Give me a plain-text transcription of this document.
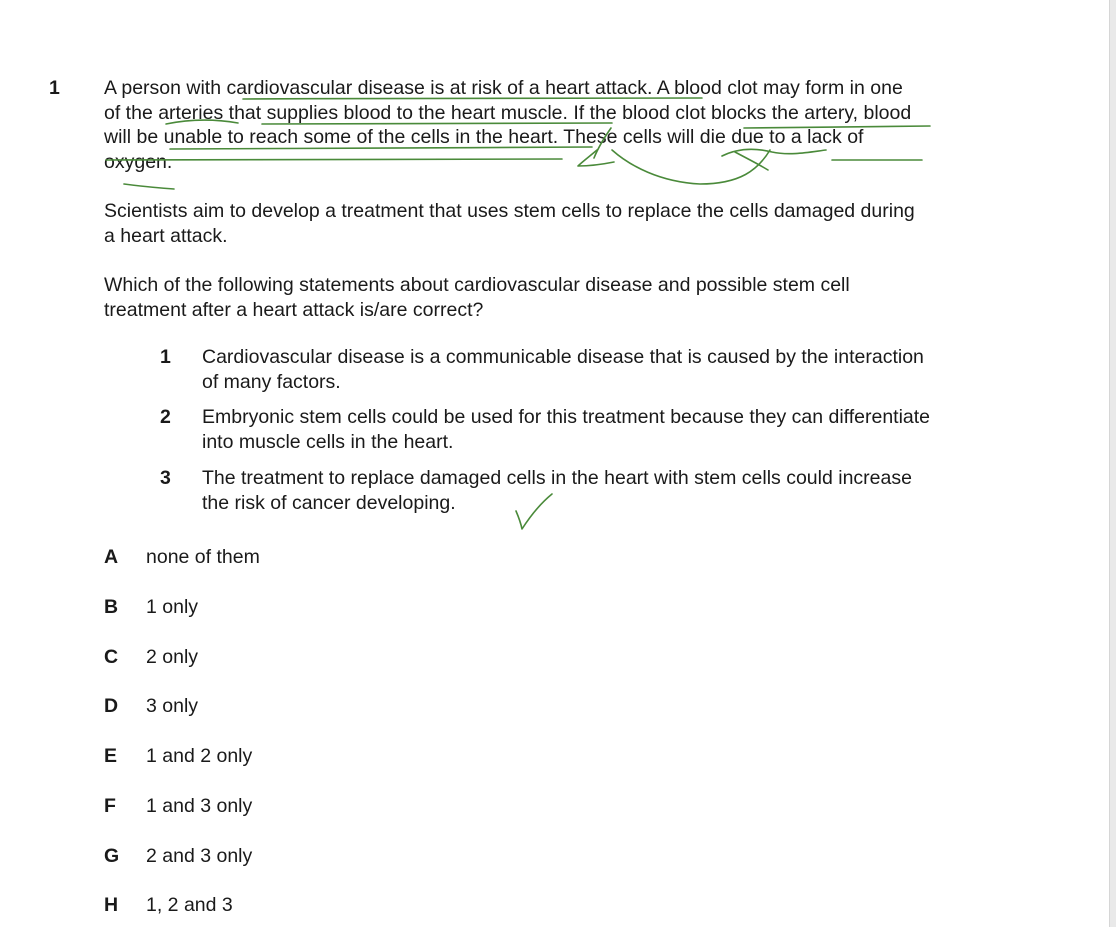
1 A person with cardiovascular disease is at risk of a heart attack. A blood clot may form in one

of the arteries that supplies blood to the heart muscle. If the blood clot blocks the artery, blood

will be unable to reach some of the cells in the heart. These cells will die due to a lack of

oxygen.

Scientists aim to develop a treatment that uses stem cells to replace the cells damaged during

a heart attack.

Which of the following statements about cardiovascular disease and possible stem cell

treatment after a heart attack is/are correct?

1 Cardiovascular disease is a communicable disease that is caused by the interaction
of many factors.
2 Embryonic stem cells could be used for this treatment because they can differentiate
into muscle cells in the heart.
3 The treatment to replace damaged cells in the heart with stem cells could increase
the risk of cancer developing.
A none of them
B 1 only
C 2 only
D 3 only
E 1 and 2 only
F 1 and 3 only
G 2 and 3 only
H 1, 2 and 3
